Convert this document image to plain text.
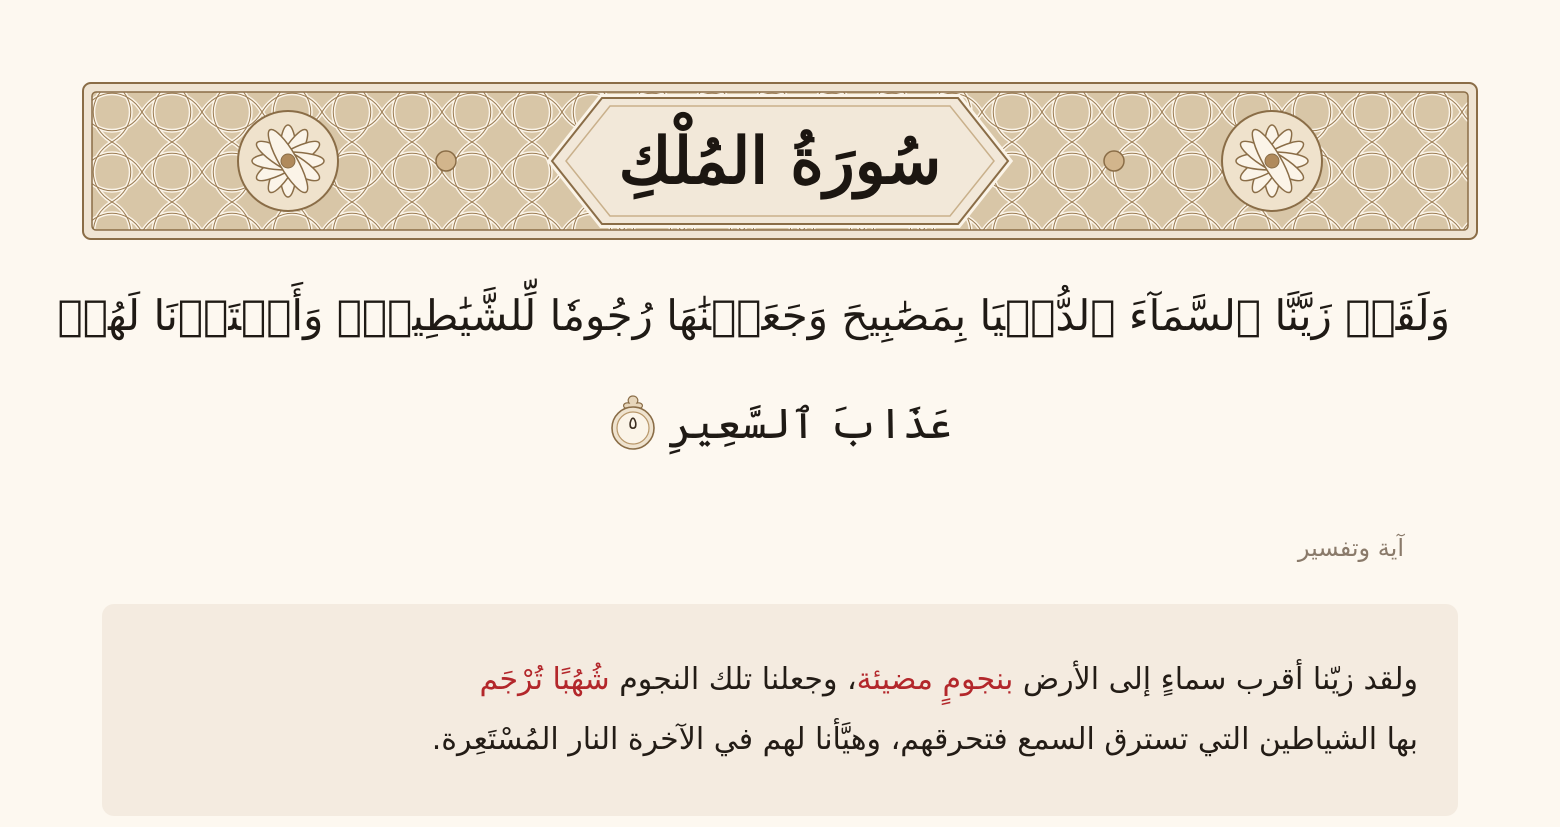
سُورَةُ المُلْكِ
وَلَقَدۡ زَيَّنَّا ٱلسَّمَآءَ ٱلدُّنۡيَا بِمَصَٰبِيحَ وَجَعَلۡنَٰهَا رُجُومٗا لِّلشَّيَٰطِينِۖ وَأَعۡتَدۡنَا لَهُمۡ
عَذَابَ ٱلسَّعِيرِ
٥
آية وتفسير
ولقد زيّنا أقرب سماءٍ إلى الأرض بنجومٍ مضيئة، وجعلنا تلك النجوم شُهُبًا تُرْجَم
بها الشياطين التي تسترق السمع فتحرقهم، وهيَّأنا لهم في الآخرة النار المُسْتَعِرة.
